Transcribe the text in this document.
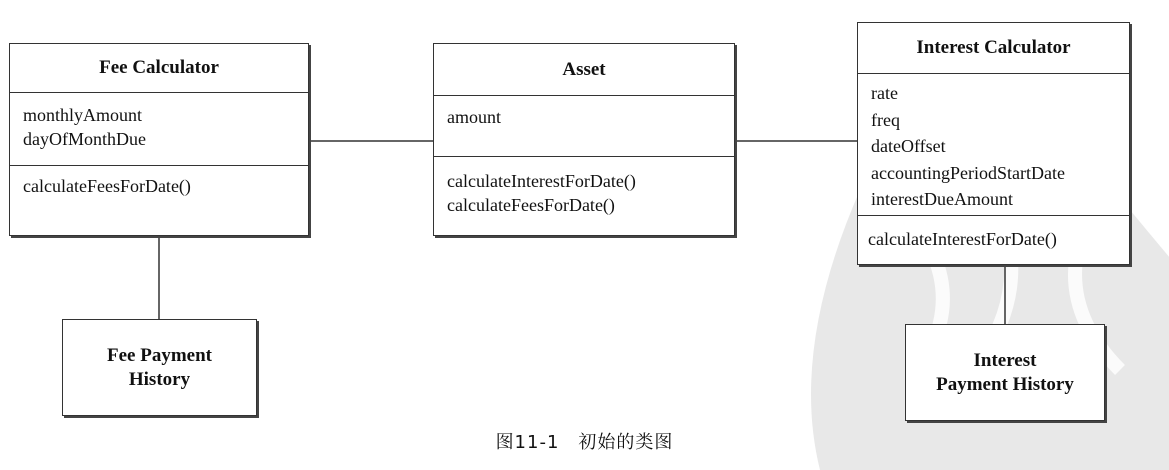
Fee Calculator
monthlyAmount
dayOfMonthDue
calculateFeesForDate()
Asset
amount
calculateInterestForDate()
calculateFeesForDate()
Interest Calculator
rate
freq
dateOffset
accountingPeriodStartDate
interestDueAmount
calculateInterestForDate()
Fee Payment
History
Interest
Payment History
图11-1　初始的类图
